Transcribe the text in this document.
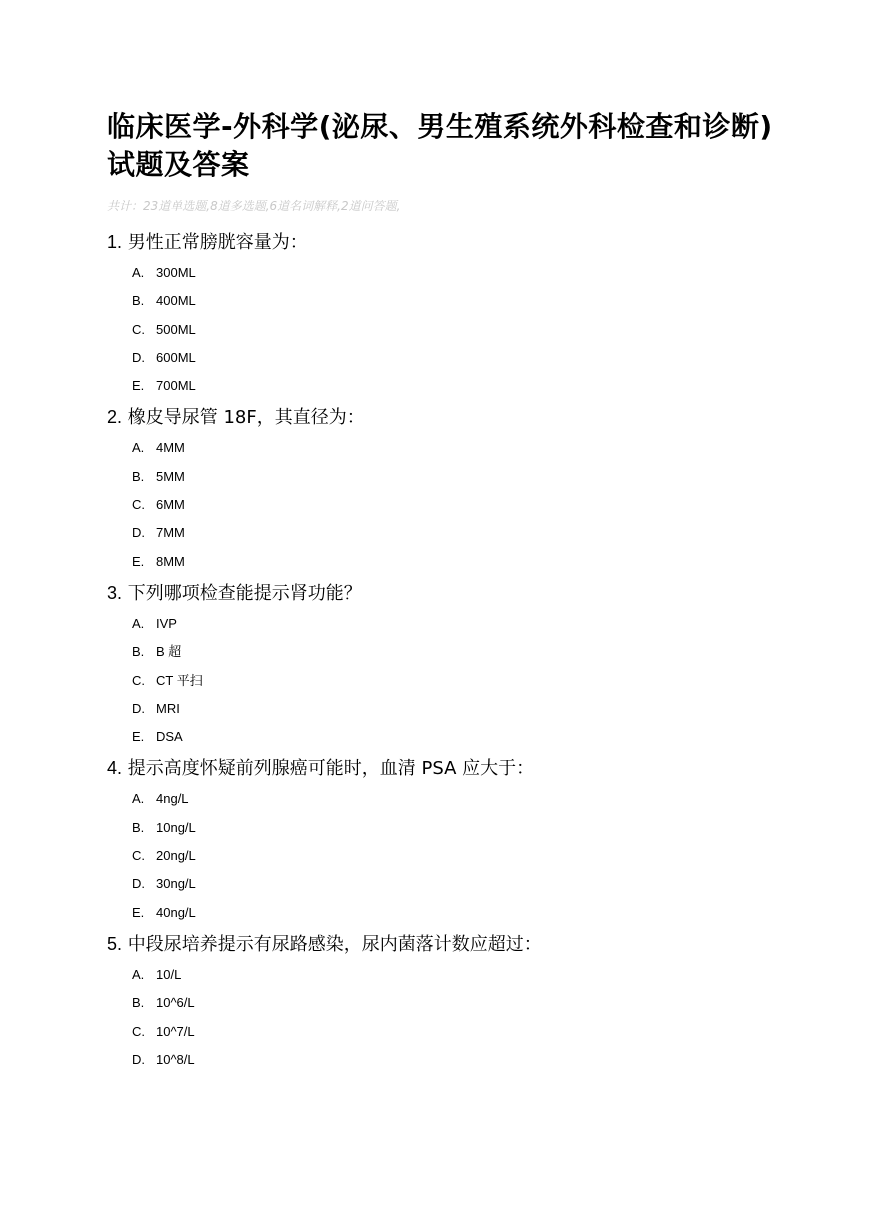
临床医学-外科学(泌尿、男生殖系统外科检查和诊断)试题及答案
共计：23道单选题,8道多选题,6道名词解释,2道问答题,

1. 男性正常膀胱容量为：

A. 300ML
B. 400ML
C. 500ML
D. 600ML
E. 700ML

2. 橡皮导尿管 18F，其直径为：

A. 4MM
B. 5MM
C. 6MM
D. 7MM
E. 8MM

3. 下列哪项检查能提示肾功能？

A. IVP
B. B 超
C. CT 平扫
D. MRI
E. DSA

4. 提示高度怀疑前列腺癌可能时，血清 PSA 应大于：

A. 4ng/L
B. 10ng/L
C. 20ng/L
D. 30ng/L
E. 40ng/L

5. 中段尿培养提示有尿路感染，尿内菌落计数应超过：

A. 10/L
B. 10^6/L
C. 10^7/L
D. 10^8/L
